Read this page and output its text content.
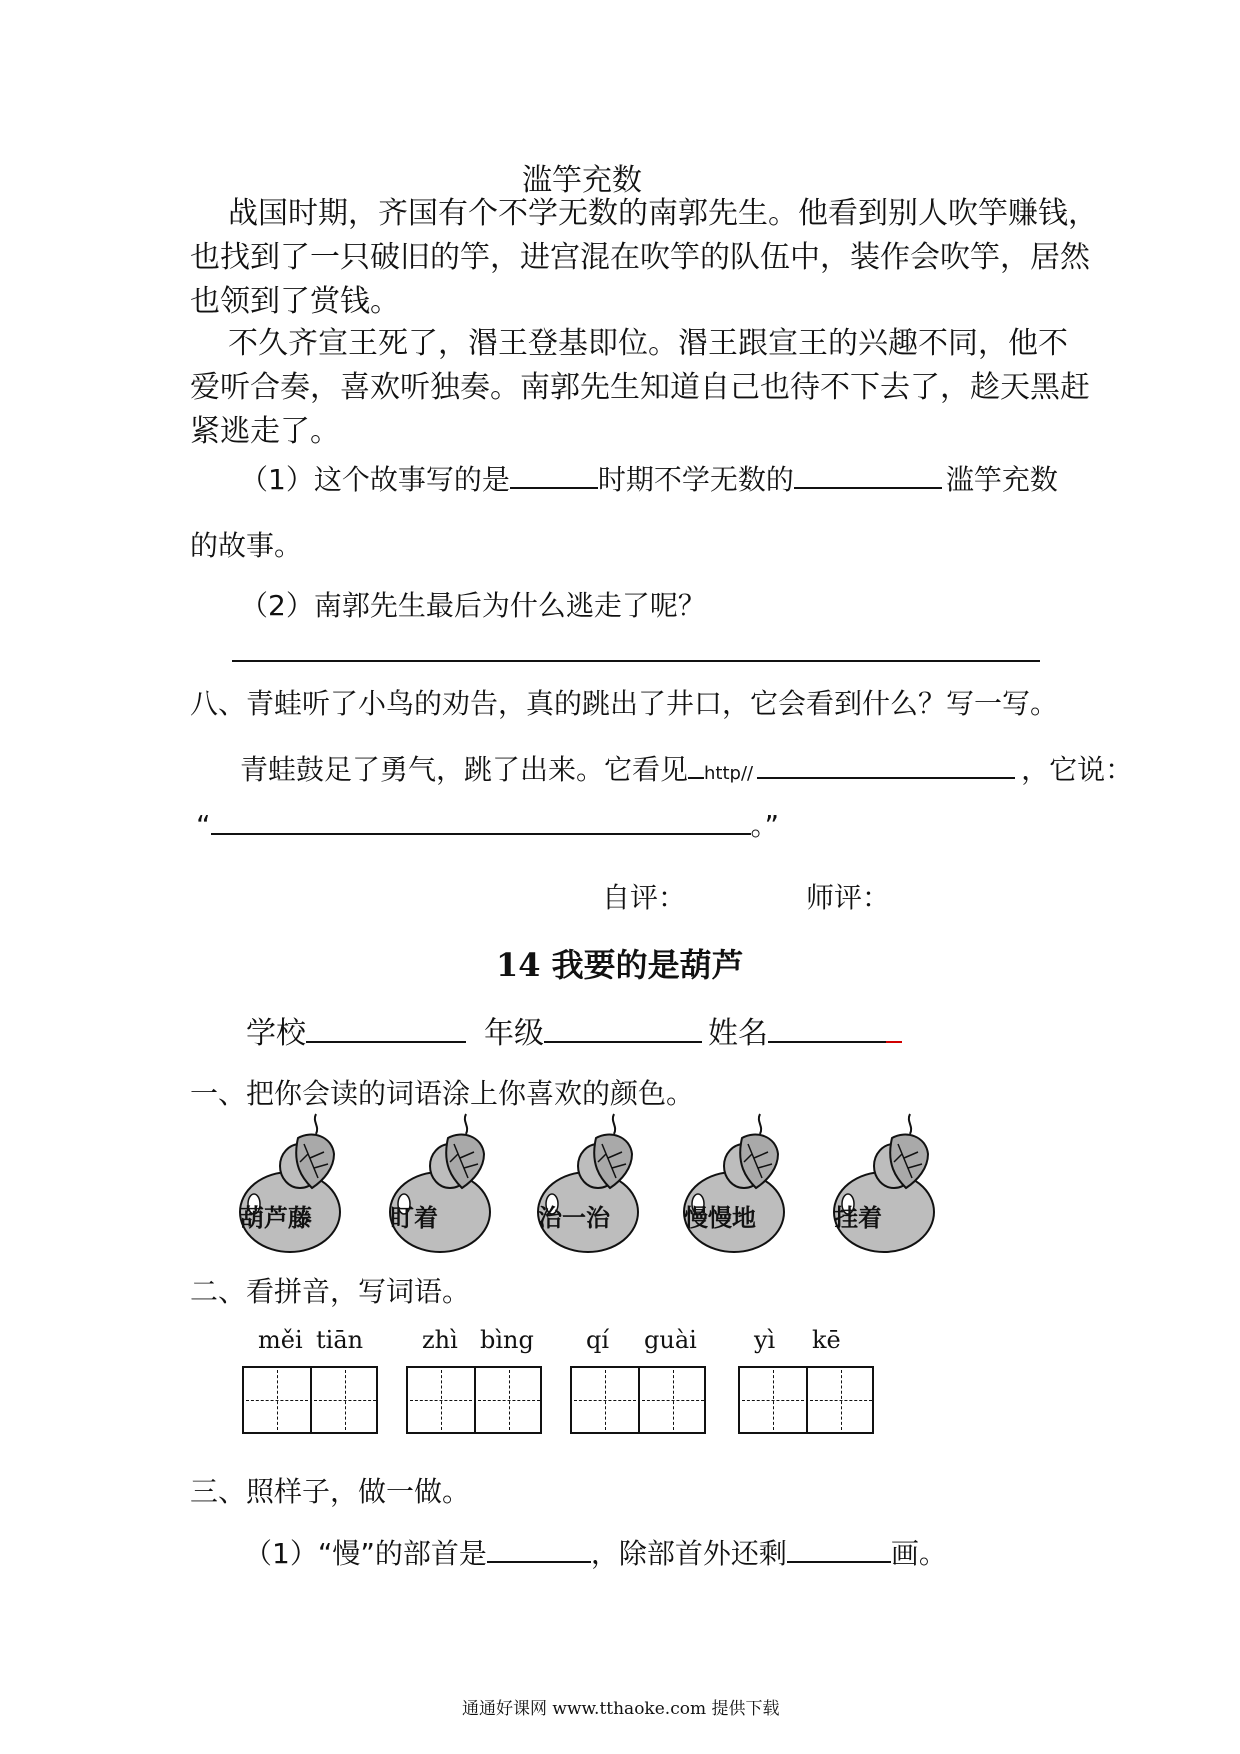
滥竽充数
战国时期，齐国有个不学无数的南郭先生。他看到别人吹竽赚钱，
也找到了一只破旧的竽，进宫混在吹竽的队伍中，装作会吹竽，居然
也领到了赏钱。
不久齐宣王死了，湣王登基即位。湣王跟宣王的兴趣不同，他不
爱听合奏，喜欢听独奏。南郭先生知道自己也待不下去了，趁天黑赶
紧逃走了。
（1）这个故事写的是	时期不学无数的	滥竽充数
的故事。
（2）南郭先生最后为什么逃走了呢？
八、青蛙听了小鸟的劝告，真的跳出了井口，它会看到什么？写一写。
青蛙鼓足了勇气，跳了出来。它看见 http//	，它说：
“	。”
自评：	师评：
14 我要的是葫芦
学校	年级	姓名
一、把你会读的词语涂上你喜欢的颜色。
葫芦藤	盯着	治一治	慢慢地	挂着
二、看拼音，写词语。
měi tiān zhì bìng qí guài yì kē
三、照样子，做一做。
（1）“慢”的部首是	，除部首外还剩	画。
通通好课网 www.tthaoke.com 提供下载
